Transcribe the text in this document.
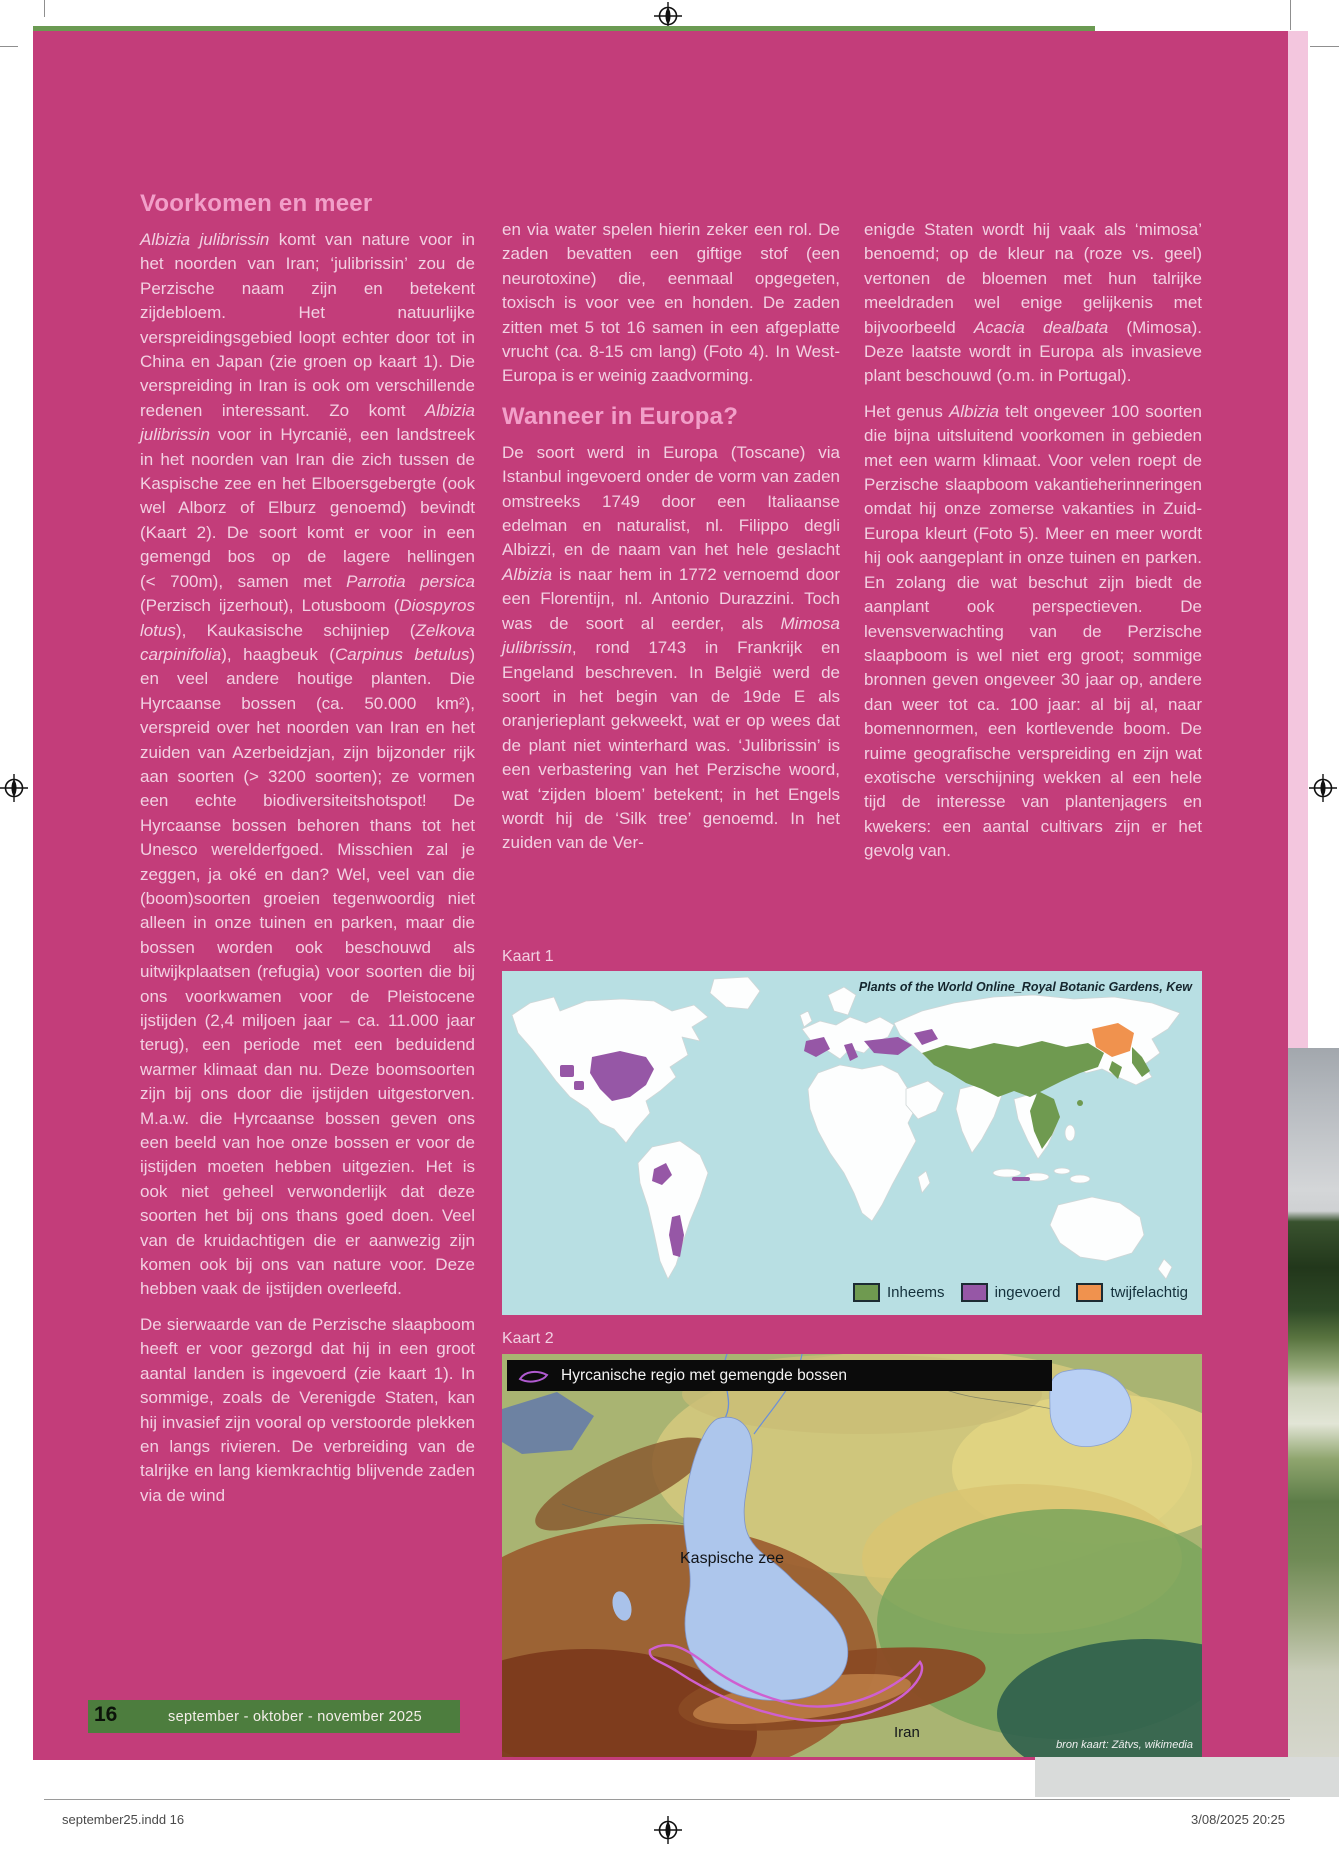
Voorkomen en meer

Albizia julibrissin komt van nature voor in het noorden van Iran; ‘julibrissin’ zou de Perzische naam zijn en betekent zijdebloem. Het natuurlijke verspreidingsgebied loopt echter door tot in China en Japan (zie groen op kaart 1). Die verspreiding in Iran is ook om verschillende redenen interessant. Zo komt Albizia julibrissin voor in Hyrcanië, een landstreek in het noorden van Iran die zich tussen de Kaspische zee en het Elboersgebergte (ook wel Alborz of Elburz genoemd) bevindt (Kaart 2). De soort komt er voor in een gemengd bos op de lagere hellingen (< 700m), samen met Parrotia persica (Perzisch ijzerhout), Lotusboom (Diospyros lotus), Kaukasische schijniep (Zelkova carpinifolia), haagbeuk (Carpinus betulus) en veel andere houtige planten. Die Hyrcaanse bossen (ca. 50.000 km²), verspreid over het noorden van Iran en het zuiden van Azerbeidzjan, zijn bijzonder rijk aan soorten (> 3200 soorten); ze vormen een echte biodiversiteitshotspot! De Hyrcaanse bossen behoren thans tot het Unesco werelderfgoed. Misschien zal je zeggen, ja oké en dan? Wel, veel van die (boom)soorten groeien tegenwoordig niet alleen in onze tuinen en parken, maar die bossen worden ook beschouwd als uitwijkplaatsen (refugia) voor soorten die bij ons voorkwamen voor de Pleistocene ijstijden (2,4 miljoen jaar – ca. 11.000 jaar terug), een periode met een beduidend warmer klimaat dan nu. Deze boomsoorten zijn bij ons door die ijstijden uitgestorven. M.a.w. die Hyrcaanse bossen geven ons een beeld van hoe onze bossen er voor de ijstijden moeten hebben uitgezien. Het is ook niet geheel verwonderlijk dat deze soorten het bij ons thans goed doen. Veel van de kruidachtigen die er aanwezig zijn komen ook bij ons van nature voor. Deze hebben vaak de ijstijden overleefd.

De sierwaarde van de Perzische slaapboom heeft er voor gezorgd dat hij in een groot aantal landen is ingevoerd (zie kaart 1). In sommige, zoals de Verenigde Staten, kan hij invasief zijn vooral op verstoorde plekken en langs rivieren. De verbreiding van de talrijke en lang kiemkrachtig blijvende zaden via de wind

en via water spelen hierin zeker een rol. De zaden bevatten een giftige stof (een neurotoxine) die, eenmaal opgegeten, toxisch is voor vee en honden. De zaden zitten met 5 tot 16 samen in een afgeplatte vrucht (ca. 8-15 cm lang) (Foto 4). In West-Europa is er weinig zaadvorming.

Wanneer in Europa?

De soort werd in Europa (Toscane) via Istanbul ingevoerd onder de vorm van zaden omstreeks 1749 door een Italiaanse edelman en naturalist, nl. Filippo degli Albizzi, en de naam van het hele geslacht Albizia is naar hem in 1772 vernoemd door een Florentijn, nl. Antonio Durazzini. Toch was de soort al eerder, als Mimosa julibrissin, rond 1743 in Frankrijk en Engeland beschreven. In België werd de soort in het begin van de 19de E als oranjerieplant gekweekt, wat er op wees dat de plant niet winterhard was. ‘Julibrissin’ is een verbastering van het Perzische woord, wat ‘zijden bloem’ betekent; in het Engels wordt hij de ‘Silk tree’ genoemd. In het zuiden van de Ver-

enigde Staten wordt hij vaak als ‘mimosa’ benoemd; op de kleur na (roze vs. geel) vertonen de bloemen met hun talrijke meeldraden wel enige gelijkenis met bijvoorbeeld Acacia dealbata (Mimosa). Deze laatste wordt in Europa als invasieve plant beschouwd (o.m. in Portugal).

Het genus Albizia telt ongeveer 100 soorten die bijna uitsluitend voorkomen in gebieden met een warm klimaat. Voor velen roept de Perzische slaapboom vakantieherinneringen omdat hij onze zomerse vakanties in Zuid-Europa kleurt (Foto 5). Meer en meer wordt hij ook aangeplant in onze tuinen en parken. En zolang die wat beschut zijn biedt de aanplant ook perspectieven. De levensverwachting van de Perzische slaapboom is wel niet erg groot; sommige bronnen geven ongeveer 30 jaar op, andere dan weer tot ca. 100 jaar: al bij al, naar bomennormen, een kortlevende boom. De ruime geografische verspreiding en zijn wat exotische verschijning wekken al een hele tijd de interesse van plantenjagers en kwekers: een aantal cultivars zijn er het gevolg van.

Kaart 1
Plants of the World Online_Royal Botanic Gardens, Kew
Inheems	ingevoerd	twijfelachtig
Kaart 2
Hyrcanische regio met gemengde bossen
Kaspische zee
Iran
bron kaart: Zātvs, wikimedia
16	september - oktober - november 2025
september25.indd 16	3/08/2025 20:25
